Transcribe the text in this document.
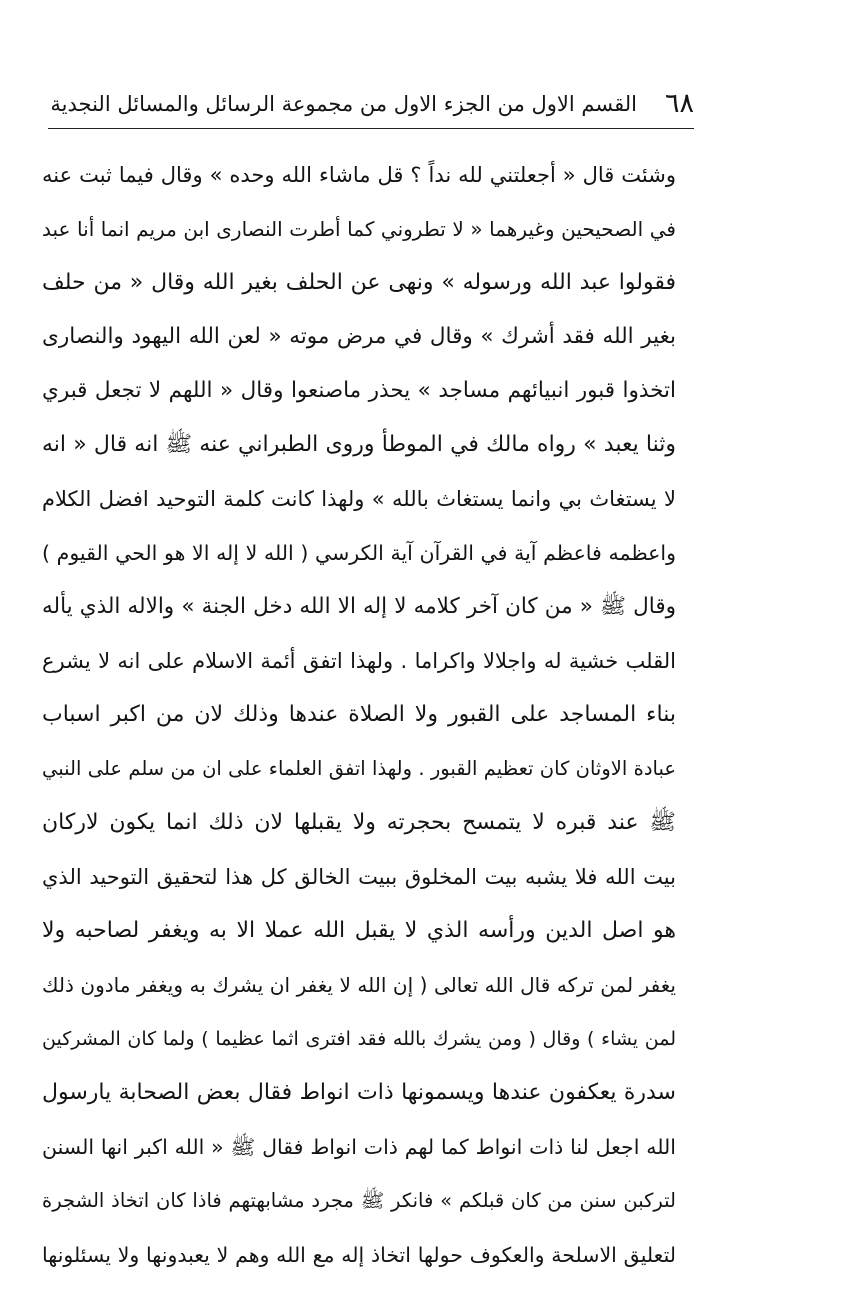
٦٨
القسم الاول من الجزء الاول من مجموعة الرسائل والمسائل النجدية
وشئت قال « أجعلتني لله نداً ؟ قل ماشاء الله وحده » وقال فيما ثبت عنه
في الصحيحين وغيرهما « لا تطروني كما أطرت النصارى ابن مريم انما أنا عبد
فقولوا عبد الله ورسوله » ونهى عن الحلف بغير الله وقال « من حلف
بغير الله فقد أشرك » وقال في مرض موته « لعن الله اليهود والنصارى
اتخذوا قبور انبيائهم مساجد » يحذر ماصنعوا وقال « اللهم لا تجعل قبري
وثنا يعبد » رواه مالك في الموطأ وروى الطبراني عنه ﷺ انه قال « انه
لا يستغاث بي وانما يستغاث بالله » ولهذا كانت كلمة التوحيد افضل الكلام
واعظمه فاعظم آية في القرآن آية الكرسي ( الله لا إله الا هو الحي القيوم )
وقال ﷺ « من كان آخر كلامه لا إله الا الله دخل الجنة » والاله الذي يأله
القلب خشية له واجلالا واكراما . ولهذا اتفق أئمة الاسلام على انه لا يشرع
بناء المساجد على القبور ولا الصلاة عندها وذلك لان من اكبر اسباب
عبادة الاوثان كان تعظيم القبور . ولهذا اتفق العلماء على ان من سلم على النبي
ﷺ عند قبره لا يتمسح بحجرته ولا يقبلها لان ذلك انما يكون لاركان
بيت الله فلا يشبه بيت المخلوق ببيت الخالق كل هذا لتحقيق التوحيد الذي
هو اصل الدين ورأسه الذي لا يقبل الله عملا الا به ويغفر لصاحبه ولا
يغفر لمن تركه قال الله تعالى ( إن الله لا يغفر ان يشرك به ويغفر مادون ذلك
لمن يشاء ) وقال ( ومن يشرك بالله فقد افترى اثما عظيما ) ولما كان المشركين
سدرة يعكفون عندها ويسمونها ذات انواط فقال بعض الصحابة يارسول
الله اجعل لنا ذات انواط كما لهم ذات انواط فقال ﷺ « الله اكبر انها السنن
لتركبن سنن من كان قبلكم » فانكر ﷺ مجرد مشابهتهم فاذا كان اتخاذ الشجرة
لتعليق الاسلحة والعكوف حولها اتخاذ إله مع الله وهم لا يعبدونها ولا يسئلونها
